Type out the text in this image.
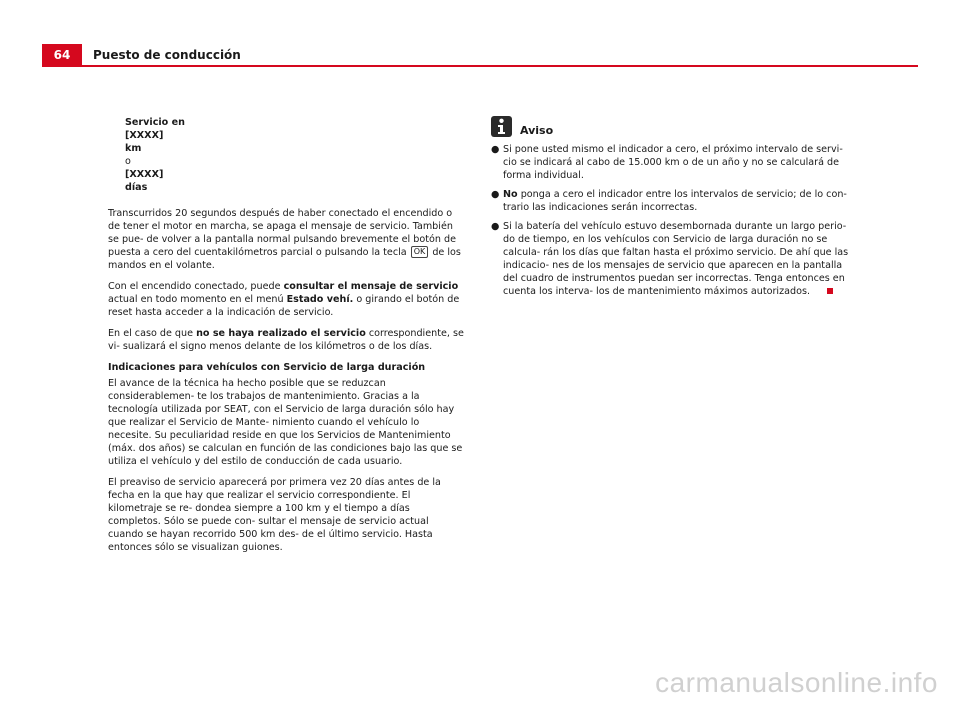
64	Puesto de conducción
Servicio en
[XXXX]
km
o
[XXXX]
días

Transcurridos 20 segundos después de haber conectado el encendido o de tener el motor en marcha, se apaga el mensaje de servicio. También se pue- de volver a la pantalla normal pulsando brevemente el botón de puesta a cero del cuentakilómetros parcial o pulsando la tecla OK de los mandos en el volante.

Con el encendido conectado, puede consultar el mensaje de servicio actual en todo momento en el menú Estado vehí. o girando el botón de reset hasta acceder a la indicación de servicio.

En el caso de que no se haya realizado el servicio correspondiente, se vi- sualizará el signo menos delante de los kilómetros o de los días.

Indicaciones para vehículos con Servicio de larga duración

El avance de la técnica ha hecho posible que se reduzcan considerablemen- te los trabajos de mantenimiento. Gracias a la tecnología utilizada por SEAT, con el Servicio de larga duración sólo hay que realizar el Servicio de Mante- nimiento cuando el vehículo lo necesite. Su peculiaridad reside en que los Servicios de Mantenimiento (máx. dos años) se calculan en función de las condiciones bajo las que se utiliza el vehículo y del estilo de conducción de cada usuario.

El preaviso de servicio aparecerá por primera vez 20 días antes de la fecha en la que hay que realizar el servicio correspondiente. El kilometraje se re- dondea siempre a 100 km y el tiempo a días completos. Sólo se puede con- sultar el mensaje de servicio actual cuando se hayan recorrido 500 km des- de el último servicio. Hasta entonces sólo se visualizan guiones.

Aviso
● Si pone usted mismo el indicador a cero, el próximo intervalo de servi- cio se indicará al cabo de 15.000 km o de un año y no se calculará de forma individual.
● No ponga a cero el indicador entre los intervalos de servicio; de lo con- trario las indicaciones serán incorrectas.
● Si la batería del vehículo estuvo desembornada durante un largo perio- do de tiempo, en los vehículos con Servicio de larga duración no se calcula- rán los días que faltan hasta el próximo servicio. De ahí que las indicacio- nes de los mensajes de servicio que aparecen en la pantalla del cuadro de instrumentos puedan ser incorrectas. Tenga entonces en cuenta los interva- los de mantenimiento máximos autorizados.
carmanualsonline.info
